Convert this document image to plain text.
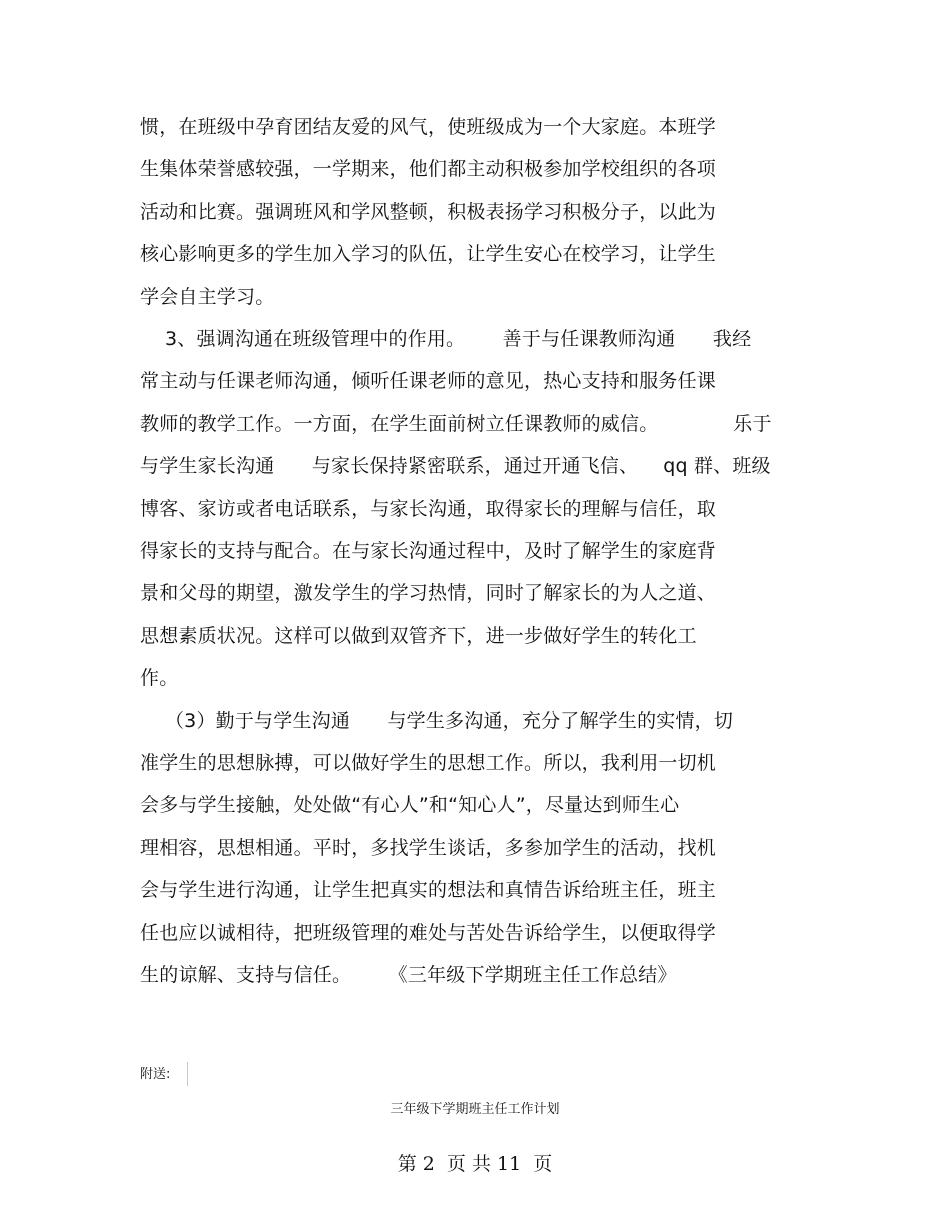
惯，在班级中孕育团结友爱的风气，使班级成为一个大家庭。本班学
生集体荣誉感较强，一学期来，他们都主动积极参加学校组织的各项
活动和比赛。强调班风和学风整顿，积极表扬学习积极分子，以此为
核心影响更多的学生加入学习的队伍，让学生安心在校学习，让学生
学会自主学习。
3、强调沟通在班级管理中的作用。      善于与任课教师沟通      我经
常主动与任课老师沟通，倾听任课老师的意见，热心支持和服务任课
教师的教学工作。一方面，在学生面前树立任课教师的威信。            乐于
与学生家长沟通      与家长保持紧密联系，通过开通飞信、    qq 群、班级
博客、家访或者电话联系，与家长沟通，取得家长的理解与信任，取
得家长的支持与配合。在与家长沟通过程中，及时了解学生的家庭背
景和父母的期望，激发学生的学习热情，同时了解家长的为人之道、
思想素质状况。这样可以做到双管齐下，进一步做好学生的转化工
作。
（3）勤于与学生沟通      与学生多沟通，充分了解学生的实情，切
准学生的思想脉搏，可以做好学生的思想工作。所以，我利用一切机
会多与学生接触，处处做“有心人”和“知心人”，尽量达到师生心
理相容，思想相通。平时，多找学生谈话，多参加学生的活动，找机
会与学生进行沟通，让学生把真实的想法和真情告诉给班主任，班主
任也应以诚相待，把班级管理的难处与苦处告诉给学生，以便取得学
生的谅解、支持与信任。      《三年级下学期班主任工作总结》
附送:
三年级下学期班主任工作计划
第 2  页 共 11  页
